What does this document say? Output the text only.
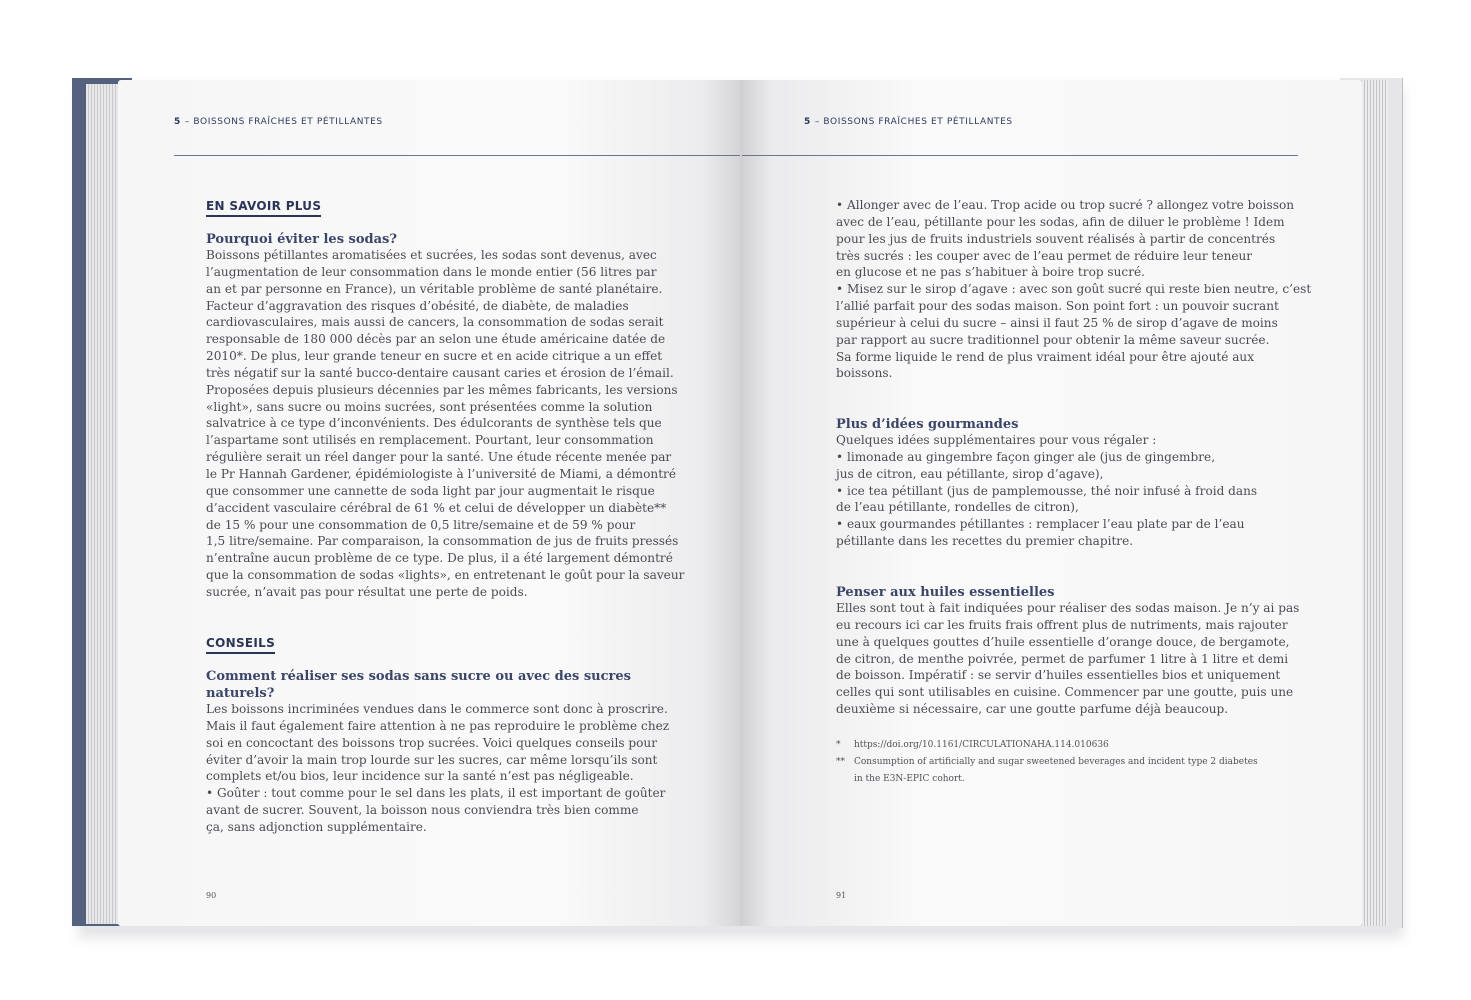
5 – BOISSONS FRAÎCHES ET PÉTILLANTES
EN SAVOIR PLUS
Pourquoi éviter les sodas?
Boissons pétillantes aromatisées et sucrées, les sodas sont devenus, avec
l’augmentation de leur consommation dans le monde entier (56 litres par
an et par personne en France), un véritable problème de santé planétaire.
Facteur d’aggravation des risques d’obésité, de diabète, de maladies
cardiovasculaires, mais aussi de cancers, la consommation de sodas serait
responsable de 180 000 décès par an selon une étude américaine datée de
2010*. De plus, leur grande teneur en sucre et en acide citrique a un effet
très négatif sur la santé bucco-dentaire causant caries et érosion de l’émail.
Proposées depuis plusieurs décennies par les mêmes fabricants, les versions
«light», sans sucre ou moins sucrées, sont présentées comme la solution
salvatrice à ce type d’inconvénients. Des édulcorants de synthèse tels que
l’aspartame sont utilisés en remplacement. Pourtant, leur consommation
régulière serait un réel danger pour la santé. Une étude récente menée par
le Pr Hannah Gardener, épidémiologiste à l’université de Miami, a démontré
que consommer une cannette de soda light par jour augmentait le risque
d’accident vasculaire cérébral de 61 % et celui de développer un diabète**
de 15 % pour une consommation de 0,5 litre/semaine et de 59 % pour
1,5 litre/semaine. Par comparaison, la consommation de jus de fruits pressés
n’entraîne aucun problème de ce type. De plus, il a été largement démontré
que la consommation de sodas «lights», en entretenant le goût pour la saveur
sucrée, n’avait pas pour résultat une perte de poids.
CONSEILS
Comment réaliser ses sodas sans sucre ou avec des sucres
naturels?
Les boissons incriminées vendues dans le commerce sont donc à proscrire.
Mais il faut également faire attention à ne pas reproduire le problème chez
soi en concoctant des boissons trop sucrées. Voici quelques conseils pour
éviter d’avoir la main trop lourde sur les sucres, car même lorsqu’ils sont
complets et/ou bios, leur incidence sur la santé n’est pas négligeable.
• Goûter : tout comme pour le sel dans les plats, il est important de goûter
avant de sucrer. Souvent, la boisson nous conviendra très bien comme
ça, sans adjonction supplémentaire.
90
5 – BOISSONS FRAÎCHES ET PÉTILLANTES
• Allonger avec de l’eau. Trop acide ou trop sucré ? allongez votre boisson
avec de l’eau, pétillante pour les sodas, afin de diluer le problème ! Idem
pour les jus de fruits industriels souvent réalisés à partir de concentrés
très sucrés : les couper avec de l’eau permet de réduire leur teneur
en glucose et ne pas s’habituer à boire trop sucré.
• Misez sur le sirop d’agave : avec son goût sucré qui reste bien neutre, c’est
l’allié parfait pour des sodas maison. Son point fort : un pouvoir sucrant
supérieur à celui du sucre – ainsi il faut 25 % de sirop d’agave de moins
par rapport au sucre traditionnel pour obtenir la même saveur sucrée.
Sa forme liquide le rend de plus vraiment idéal pour être ajouté aux
boissons.
Plus d’idées gourmandes
Quelques idées supplémentaires pour vous régaler :
• limonade au gingembre façon ginger ale (jus de gingembre,
jus de citron, eau pétillante, sirop d’agave),
• ice tea pétillant (jus de pamplemousse, thé noir infusé à froid dans
de l’eau pétillante, rondelles de citron),
• eaux gourmandes pétillantes : remplacer l’eau plate par de l’eau
pétillante dans les recettes du premier chapitre.
Penser aux huiles essentielles
Elles sont tout à fait indiquées pour réaliser des sodas maison. Je n’y ai pas
eu recours ici car les fruits frais offrent plus de nutriments, mais rajouter
une à quelques gouttes d’huile essentielle d’orange douce, de bergamote,
de citron, de menthe poivrée, permet de parfumer 1 litre à 1 litre et demi
de boisson. Impératif : se servir d’huiles essentielles bios et uniquement
celles qui sont utilisables en cuisine. Commencer par une goutte, puis une
deuxième si nécessaire, car une goutte parfume déjà beaucoup.
*	https://doi.org/10.1161/CIRCULATIONAHA.114.010636
**	Consumption of artificially and sugar sweetened beverages and incident type 2 diabetes
in the E3N-EPIC cohort.
91
